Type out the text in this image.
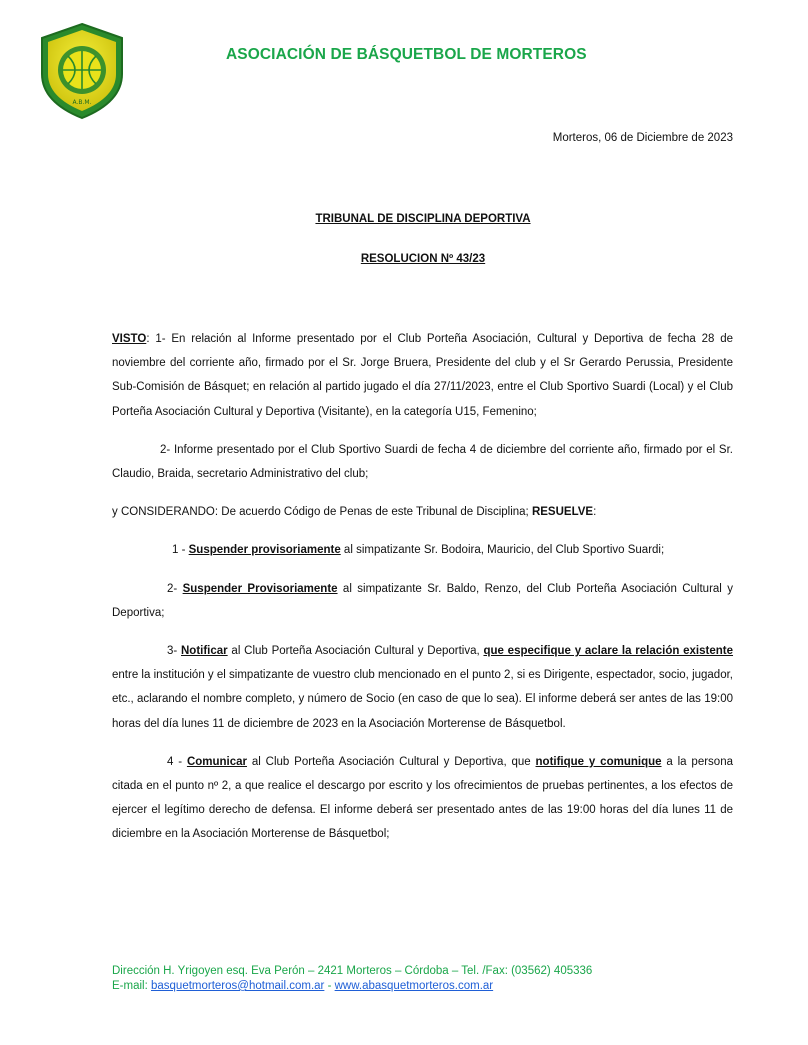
A.B.M.
ASOCIACIÓN DE BÁSQUETBOL DE MORTEROS
Morteros, 06 de Diciembre de 2023
TRIBUNAL DE DISCIPLINA DEPORTIVA
RESOLUCION Nº 43/23

VISTO: 1- En relación al Informe presentado por el Club Porteña Asociación, Cultural y Deportiva de fecha 28 de noviembre del corriente año, firmado por el Sr. Jorge Bruera, Presidente del club y el Sr Gerardo Perussia, Presidente Sub-Comisión de Básquet; en relación al partido jugado el día 27/11/2023, entre el Club Sportivo Suardi (Local) y el Club Porteña Asociación Cultural y Deportiva (Visitante), en la categoría U15, Femenino;

2- Informe presentado por el Club Sportivo Suardi de fecha 4 de diciembre del corriente año, firmado por el Sr. Claudio, Braida, secretario Administrativo del club;

y CONSIDERANDO: De acuerdo Código de Penas de este Tribunal de Disciplina; RESUELVE:

1 - Suspender provisoriamente al simpatizante Sr. Bodoira, Mauricio, del Club Sportivo Suardi;

2- Suspender Provisoriamente al simpatizante Sr. Baldo, Renzo, del Club Porteña Asociación Cultural y Deportiva;

3- Notificar al Club Porteña Asociación Cultural y Deportiva, que especifique y aclare la relación existente entre la institución y el simpatizante de vuestro club mencionado en el punto 2, si es Dirigente, espectador, socio, jugador, etc., aclarando el nombre completo, y número de Socio (en caso de que lo sea). El informe deberá ser antes de las 19:00 horas del día lunes 11 de diciembre de 2023 en la Asociación Morterense de Básquetbol.

4 - Comunicar al Club Porteña Asociación Cultural y Deportiva, que notifique y comunique a la persona citada en el punto nº 2, a que realice el descargo por escrito y los ofrecimientos de pruebas pertinentes, a los efectos de ejercer el legítimo derecho de defensa. El informe deberá ser presentado antes de las 19:00 horas del día lunes 11 de diciembre en la Asociación Morterense de Básquetbol;

Dirección H. Yrigoyen esq. Eva Perón – 2421 Morteros – Córdoba – Tel. /Fax: (03562) 405336
E-mail: basquetmorteros@hotmail.com.ar - www.abasquetmorteros.com.ar
